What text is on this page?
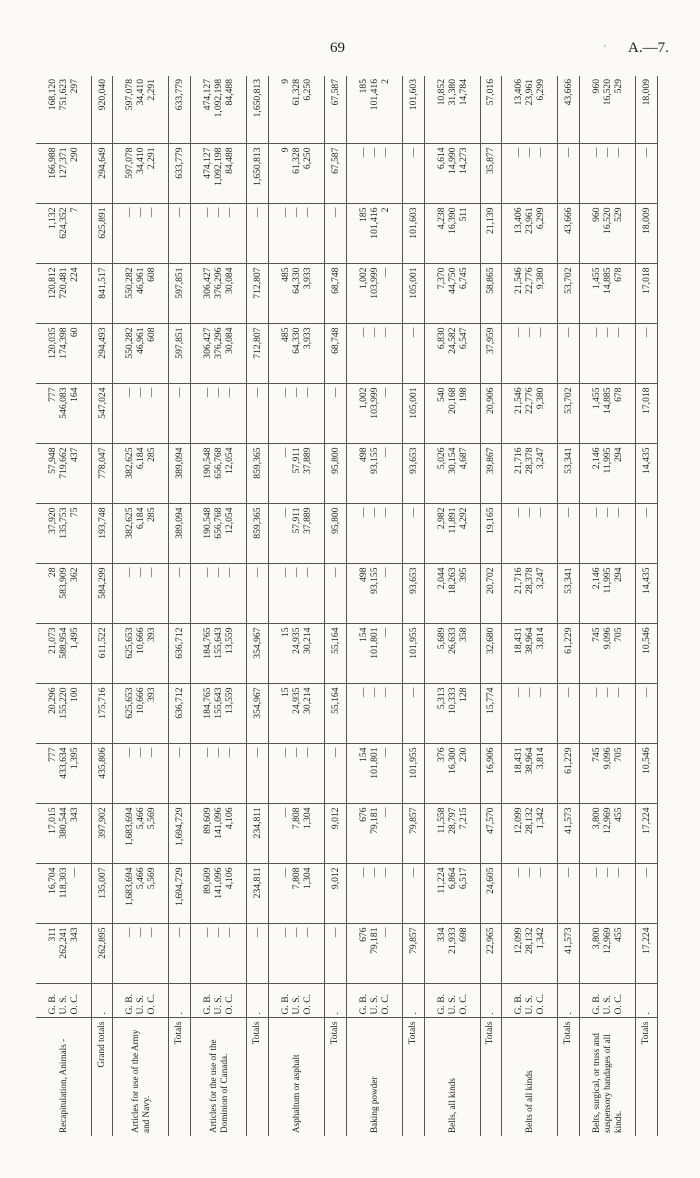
69	' A.—7.
Recapitulation, Animals -	G. B. U. S. O. C.	311 262,241 343	16,704 118,303 —	17,015 380,544 343	777 433,634 1,395	20,296 155,220 100	21,073 588,954 1,495	28 583,909 362	37,920 135,753 75	57,948 719,662 437	777 546,083 164	120,035 174,398 60	120,812 720,481 224	1,132 624,352 7	166,988 127,371 290	168,120 751,623 297

Grand totals	.	262,895	135,007	397,902	435,806	175,716	611,522	584,299	193,748	778,047	547,024	294,493	841,517	625,891	294,649	920,040

Articles for use of the Army and Navy.	G. B. U. S. O. C.	— — —	1,683,694 5,466 5,569	1,683,694 5,466 5,569	— — —	625,653 10,666 393	625,653 10,666 393	— — —	382,625 6,184 285	382,625 6,184 285	— — —	550,282 46,961 608	550,282 46,961 608	— — —	597,078 34,410 2,291	597,078 34,410 2,291

Totals	.	—	1,694,729	1,694,729	—	636,712	636,712	—	389,094	389,094	—	597,851	597,851	—	633,779	633,779

Articles for the use of the Dominion of Canada.	G. B. U. S. O. C.	— — —	89,609 141,096 4,106	89,609 141,096 4,106	— — —	184,765 155,643 13,559	184,765 155,643 13,559	— — —	190,548 656,768 12,054	190,548 656,768 12,054	— — —	306,427 376,296 30,084	306,427 376,296 30,084	— — —	474,127 1,092,198 84,488	474,127 1,092,198 84,488

Totals	.	—	234,811	234,811	—	354,967	354,967	—	859,365	859,365	—	712,807	712,807	—	1,650,813	1,650,813

Asphaltum or asphalt	G. B. U. S. O. C.	— — —	— 7,808 1,304	— 7,808 1,304	— — —	15 24,935 30,214	15 24,935 30,214	— — —	— 57,911 37,889	— 57,911 37,889	— — —	485 64,330 3,933	485 64,330 3,933	— — —	9 61,328 6,250	9 61,328 6,250

Totals	.	—	9,012	9,012	—	55,164	55,164	—	95,800	95,800	—	68,748	68,748	—	67,587	67,587

Baking powder	G. B. U. S. O. C.	676 79,181 —	— — —	676 79,181 —	154 101,801 —	— — —	154 101,801 —	498 93,155 —	— — —	498 93,155 —	1,002 103,999 —	— — —	1,002 103,999 —	185 101,416 2	— — —	185 101,416 2

Totals	.	79,857	—	79,857	101,955	—	101,955	93,653	—	93,653	105,001	—	105,001	101,603	—	101,603

Bells, all kinds	G. B. U. S. O. C.	334 21,933 698	11,224 6,864 6,517	11,558 28,797 7,215	376 16,300 230	5,313 10,333 128	5,689 26,633 358	2,044 18,263 395	2,982 11,891 4,292	5,026 30,154 4,687	540 20,168 198	6,830 24,582 6,547	7,370 44,750 6,745	4,238 16,390 511	6,614 14,990 14,273	10,852 31,380 14,784

Totals	.	22,965	24,605	47,570	16,906	15,774	32,680	20,702	19,165	39,867	20,906	37,959	58,865	21,139	35,877	57,016

Belts of all kinds	G. B. U. S. O. C.	12,099 28,132 1,342	— — —	12,099 28,132 1,342	18,431 38,964 3,814	— — —	18,431 38,964 3,814	21,716 28,378 3,247	— — —	21,716 28,378 3,247	21,546 22,776 9,380	— — —	21,546 22,776 9,380	13,406 23,961 6,299	— — —	13,406 23,961 6,299

Totals	.	41,573	—	41,573	61,229	—	61,229	53,341	—	53,341	53,702	—	53,702	43,666	—	43,666

Belts, surgical, or truss and suspensory bandages of all kinds.	G. B. U. S. O. C.	3,800 12,969 455	— — —	3,800 12,969 455	745 9,096 705	— — —	745 9,096 705	2,146 11,995 294	— — —	2,146 11,995 294	1,455 14,885 678	— — —	1,455 14,885 678	960 16,520 529	— — —	960 16,520 529

Totals	.	17,224	—	17,224	10,546	—	10,546	14,435	—	14,435	17,018	—	17,018	18,009	—	18,009
